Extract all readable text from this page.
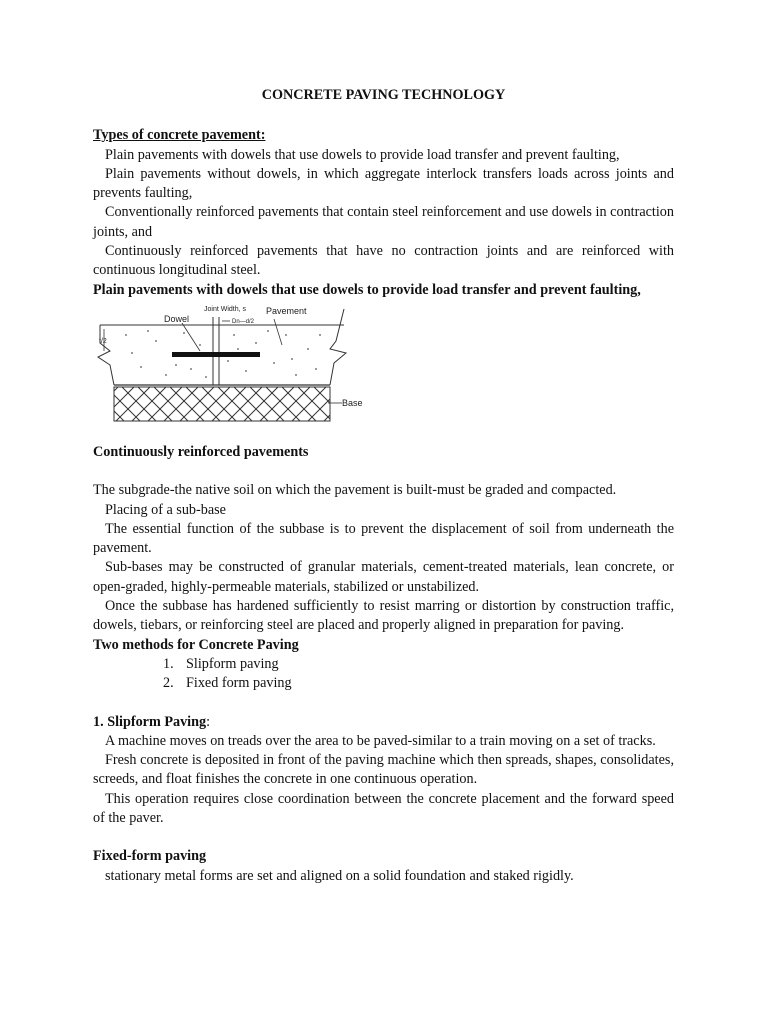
CONCRETE PAVING TECHNOLOGY

Types of concrete pavement:

Plain pavements with dowels that use dowels to provide load transfer and prevent faulting,

Plain pavements without dowels, in which aggregate interlock transfers loads across joints and prevents faulting,

Conventionally reinforced pavements that contain steel reinforcement and use dowels in contraction joints, and

Continuously reinforced pavements that have no contraction joints and are reinforced with continuous longitudinal steel.

Plain pavements with dowels that use dowels to provide load transfer and prevent faulting,

Joint Width, s Pavement
Dowel	Dn—d/2
t/2
Base

Continuously reinforced pavements

The subgrade-the native soil on which the pavement is built-must be graded and compacted.

Placing of a sub-base

The essential function of the subbase is to prevent the displacement of soil from underneath the pavement.

Sub-bases may be constructed of granular materials, cement-treated materials, lean concrete, or open-graded, highly-permeable materials, stabilized or unstabilized.

Once the subbase has hardened sufficiently to resist marring or distortion by construction traffic, dowels, tiebars, or reinforcing steel are placed and properly aligned in preparation for paving.

Two methods for Concrete Paving

1. Slipform paving
2. Fixed form paving

1. Slipform Paving:

A machine moves on treads over the area to be paved-similar to a train moving on a set of tracks.

Fresh concrete is deposited in front of the paving machine which then spreads, shapes, consolidates, screeds, and float finishes the concrete in one continuous operation.

This operation requires close coordination between the concrete placement and the forward speed of the paver.

Fixed-form paving

stationary metal forms are set and aligned on a solid foundation and staked rigidly.
